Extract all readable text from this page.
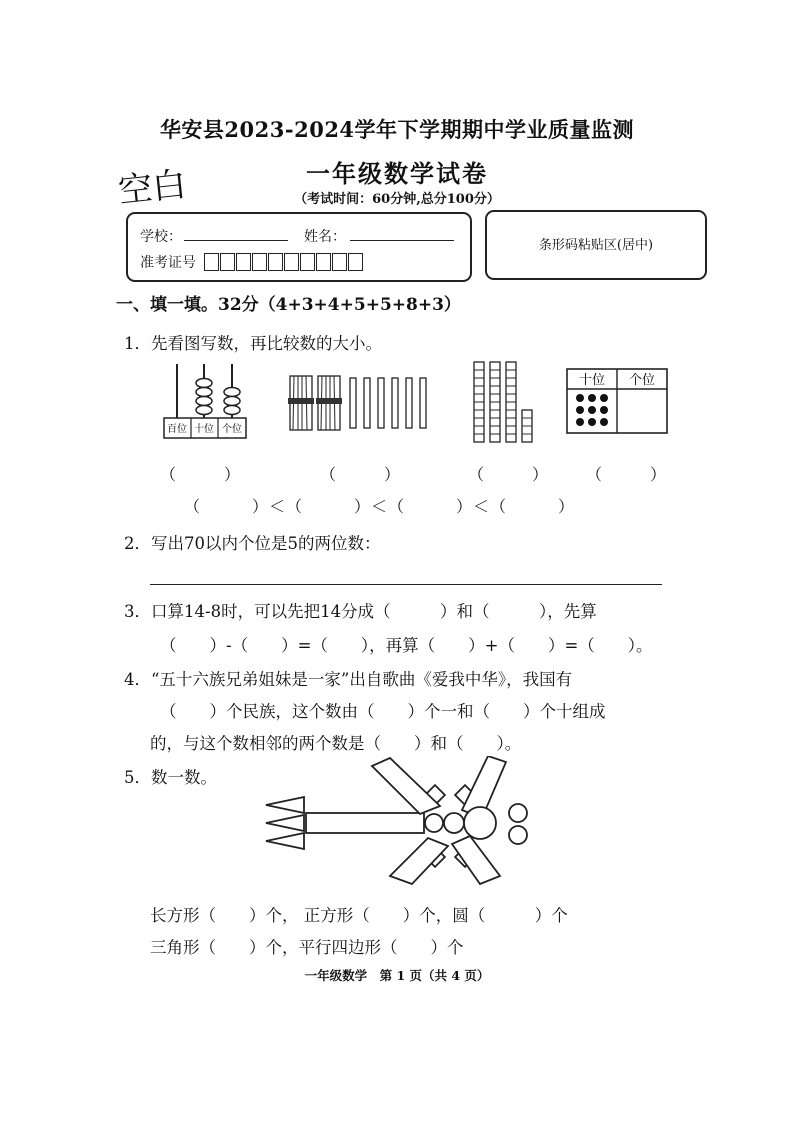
华安县2023-2024学年下学期期中学业质量监测
空白	一年级数学试卷
（考试时间：60分钟,总分100分）
学校：	姓名：
准考证号
条形码粘贴区(居中)
一、填一填。32分（4+3+4+5+5+8+3）
1．先看图写数，再比较数的大小。
百位 十位 个位
十位 个位
（　　　）	（　　　）	（　　　） （　　　）
（　　　）＜（　　　）＜（　　　）＜（　　　）
2．写出70以内个位是5的两位数：
3．口算14-8时，可以先把14分成（　　　）和（　　　），先算
（　　）-（　　）=（　　），再算（　　）+（　　）=（　　）。
4．“五十六族兄弟姐妹是一家”出自歌曲《爱我中华》，我国有
（　　）个民族，这个数由（　　）个一和（　　）个十组成
的，与这个数相邻的两个数是（　　）和（　　）。
5．数一数。
长方形（　　）个， 正方形（　　）个，圆（　　　）个
三角形（　　）个，平行四边形（　　）个
一年级数学　第 1 页（共 4 页）
